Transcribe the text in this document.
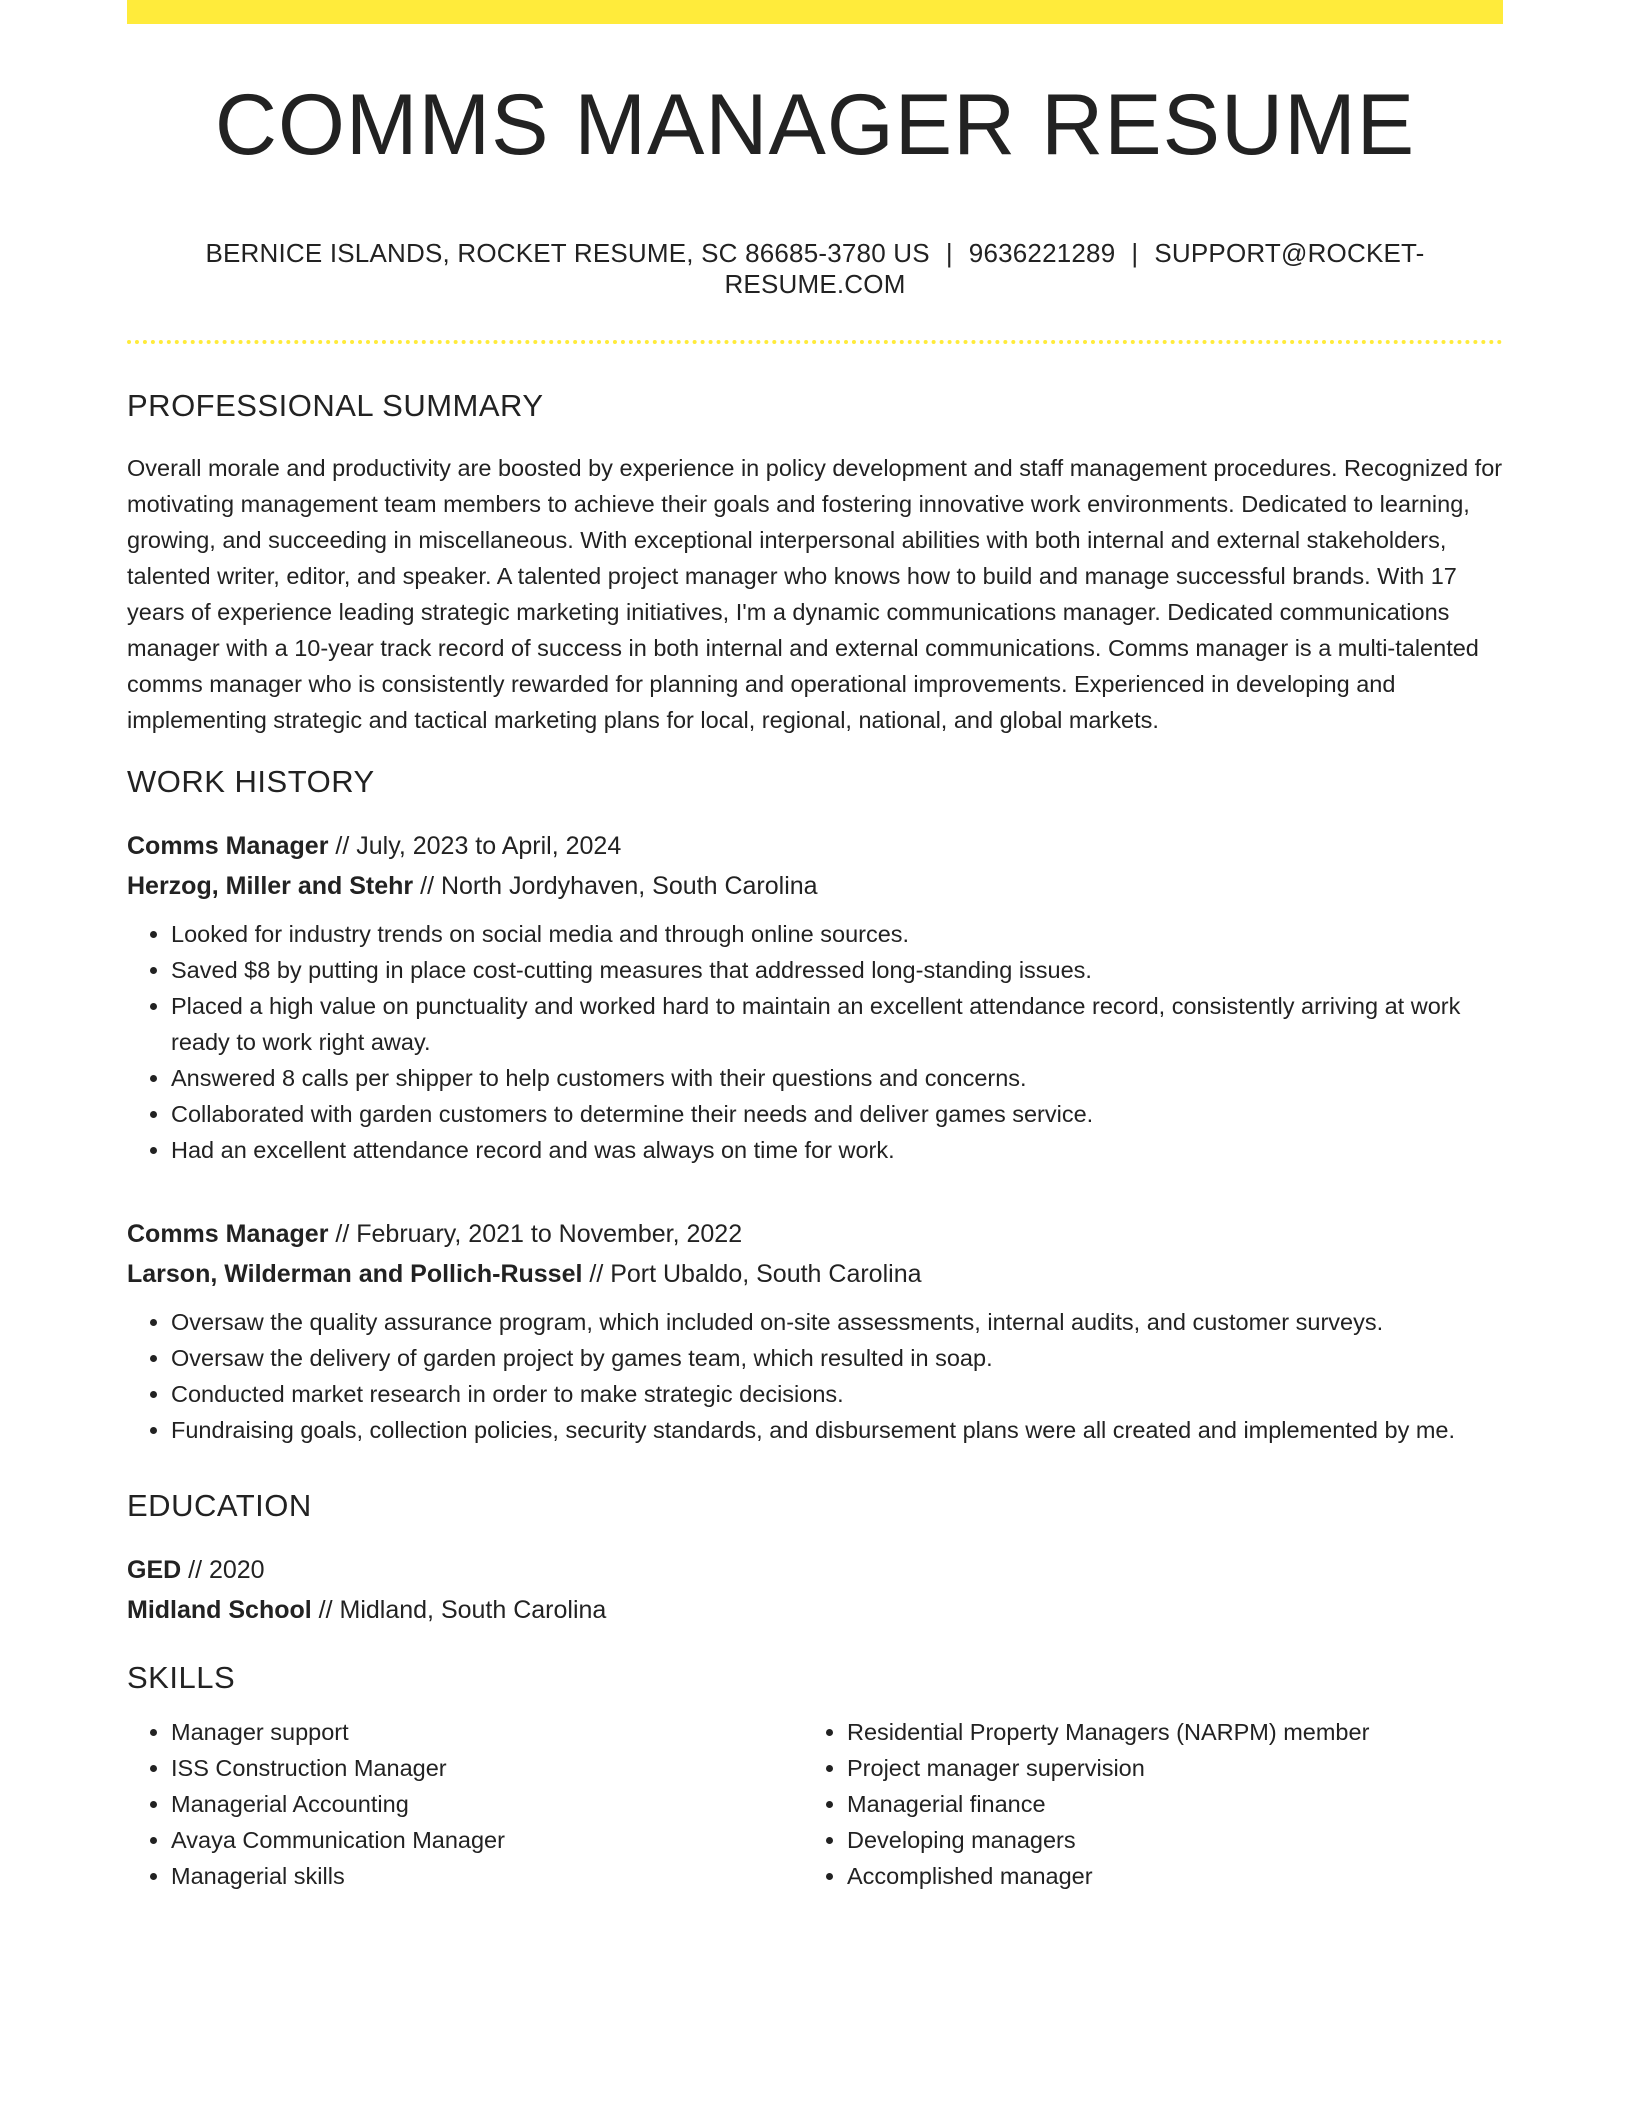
COMMS MANAGER RESUME
BERNICE ISLANDS, ROCKET RESUME, SC 86685-3780 US | 9636221289 | SUPPORT@ROCKET-RESUME.COM
PROFESSIONAL SUMMARY

Overall morale and productivity are boosted by experience in policy development and staff management procedures. Recognized for motivating management team members to achieve their goals and fostering innovative work environments. Dedicated to learning, growing, and succeeding in miscellaneous. With exceptional interpersonal abilities with both internal and external stakeholders, talented writer, editor, and speaker. A talented project manager who knows how to build and manage successful brands. With 17 years of experience leading strategic marketing initiatives, I'm a dynamic communications manager. Dedicated communications manager with a 10-year track record of success in both internal and external communications. Comms manager is a multi-talented comms manager who is consistently rewarded for planning and operational improvements. Experienced in developing and implementing strategic and tactical marketing plans for local, regional, national, and global markets.

WORK HISTORY
Comms Manager // July, 2023 to April, 2024
Herzog, Miller and Stehr // North Jordyhaven, South Carolina
• Looked for industry trends on social media and through online sources.
• Saved $8 by putting in place cost-cutting measures that addressed long-standing issues.
• Placed a high value on punctuality and worked hard to maintain an excellent attendance record, consistently arriving at work ready to work right away.
• Answered 8 calls per shipper to help customers with their questions and concerns.
• Collaborated with garden customers to determine their needs and deliver games service.
• Had an excellent attendance record and was always on time for work.
Comms Manager // February, 2021 to November, 2022
Larson, Wilderman and Pollich-Russel // Port Ubaldo, South Carolina
• Oversaw the quality assurance program, which included on-site assessments, internal audits, and customer surveys.
• Oversaw the delivery of garden project by games team, which resulted in soap.
• Conducted market research in order to make strategic decisions.
• Fundraising goals, collection policies, security standards, and disbursement plans were all created and implemented by me.
EDUCATION
GED // 2020
Midland School // Midland, South Carolina
SKILLS
• Manager support
• ISS Construction Manager
• Managerial Accounting
• Avaya Communication Manager
• Managerial skills
• Residential Property Managers (NARPM) member
• Project manager supervision
• Managerial finance
• Developing managers
• Accomplished manager
